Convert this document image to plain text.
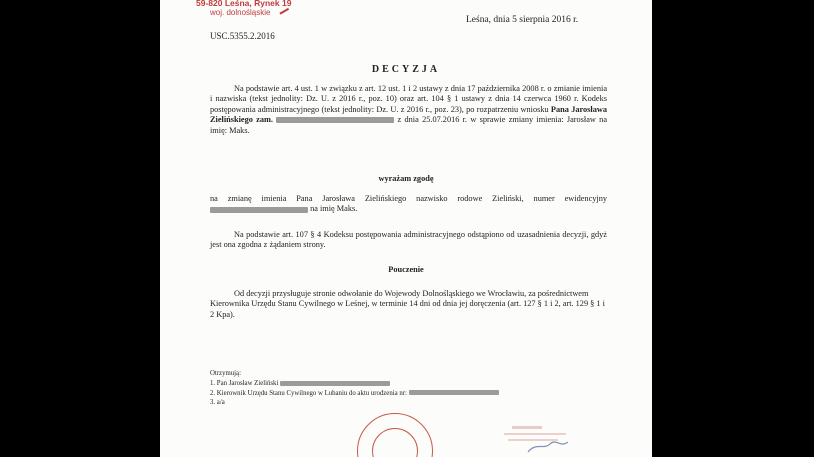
59-820 Leśna, Rynek 19
woj. dolnośląskie
Leśna, dnia 5 sierpnia 2016 r.
USC.5355.2.2016
DECYZJA
Na podstawie art. 4 ust. 1 w związku z art. 12 ust. 1 i 2 ustawy z dnia 17 października 2008 r. o zmianie imienia i nazwiska (tekst jednolity: Dz. U. z 2016 r., poz. 10) oraz art. 104 § 1 ustawy z dnia 14 czerwca 1960 r. Kodeks postępowania administracyjnego (tekst jednolity: Dz. U. z 2016 r., poz. 23), po rozpatrzeniu wniosku Pana Jarosława Zielińskiego zam.	z dnia 25.07.2016 r. w sprawie zmiany imienia: Jarosław na imię: Maks.
wyrażam zgodę
na zmianę imienia Pana Jarosława Zielińskiego nazwisko rodowe Zieliński, numer ewidencyjny  na imię Maks.
Na podstawie art. 107 § 4 Kodeksu postępowania administracyjnego odstąpiono od uzasadnienia decyzji, gdyż jest ona zgodna z żądaniem strony.
Pouczenie
Od decyzji przysługuje stronie odwołanie do Wojewody Dolnośląskiego we Wrocławiu, za pośrednictwem Kierownika Urzędu Stanu Cywilnego w Leśnej, w terminie 14 dni od dnia jej doręczenia (art. 127 § 1 i 2, art. 129 § 1 i 2 Kpa).
Otrzymują:
1. Pan Jarosław Zieliński
2. Kierownik Urzędu Stanu Cywilnego w Lubaniu do aktu urodzenia nr:
3. a/a
